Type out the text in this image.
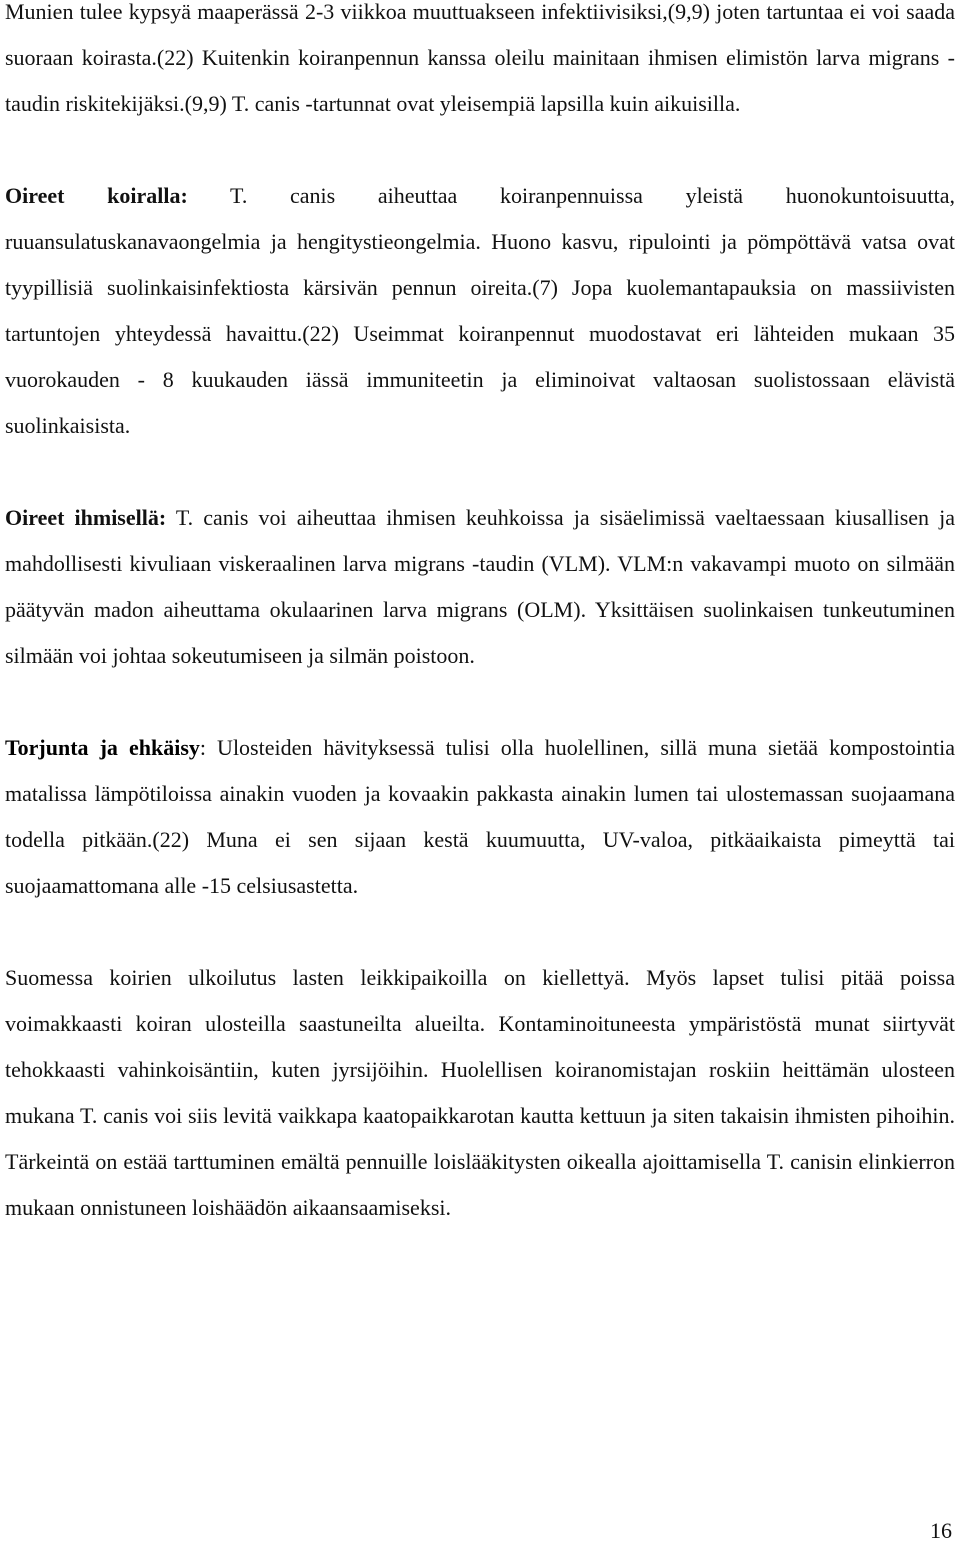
Munien tulee kypsyä maaperässä 2-3 viikkoa muuttuakseen infektiivisiksi,(9,9) joten tartuntaa ei voi saada suoraan koirasta.(22) Kuitenkin koiranpennun kanssa oleilu mainitaan ihmisen elimistön larva migrans -taudin riskitekijäksi.(9,9) T. canis -tartunnat ovat yleisempiä lapsilla kuin aikuisilla.

Oireet koiralla: T. canis aiheuttaa koiranpennuissa yleistä huonokuntoisuutta, ruuansulatuskanavaongelmia ja hengitystieongelmia. Huono kasvu, ripulointi ja pömpöttävä vatsa ovat tyypillisiä suolinkaisinfektiosta kärsivän pennun oireita.(7) Jopa kuolemantapauksia on massiivisten tartuntojen yhteydessä havaittu.(22) Useimmat koiranpennut muodostavat eri lähteiden mukaan 35 vuorokauden - 8 kuukauden iässä immuniteetin ja eliminoivat valtaosan suolistossaan elävistä suolinkaisista.

Oireet ihmisellä: T. canis voi aiheuttaa ihmisen keuhkoissa ja sisäelimissä vaeltaessaan kiusallisen ja mahdollisesti kivuliaan viskeraalinen larva migrans -taudin (VLM). VLM:n vakavampi muoto on silmään päätyvän madon aiheuttama okulaarinen larva migrans (OLM). Yksittäisen suolinkaisen tunkeutuminen silmään voi johtaa sokeutumiseen ja silmän poistoon.

Torjunta ja ehkäisy: Ulosteiden hävityksessä tulisi olla huolellinen, sillä muna sietää kompostointia matalissa lämpötiloissa ainakin vuoden ja kovaakin pakkasta ainakin lumen tai ulostemassan suojaamana todella pitkään.(22) Muna ei sen sijaan kestä kuumuutta, UV-valoa, pitkäaikaista pimeyttä tai suojaamattomana alle -15 celsiusastetta.

Suomessa koirien ulkoilutus lasten leikkipaikoilla on kiellettyä. Myös lapset tulisi pitää poissa voimakkaasti koiran ulosteilla saastuneilta alueilta. Kontaminoituneesta ympäristöstä munat siirtyvät tehokkaasti vahinkoisäntiin, kuten jyrsijöihin. Huolellisen koiranomistajan roskiin heittämän ulosteen mukana T. canis voi siis levitä vaikkapa kaatopaikkarotan kautta kettuun ja siten takaisin ihmisten pihoihin. Tärkeintä on estää tarttuminen emältä pennuille loislääkitysten oikealla ajoittamisella T. canisin elinkierron mukaan onnistuneen loishäädön aikaansaamiseksi.

16
